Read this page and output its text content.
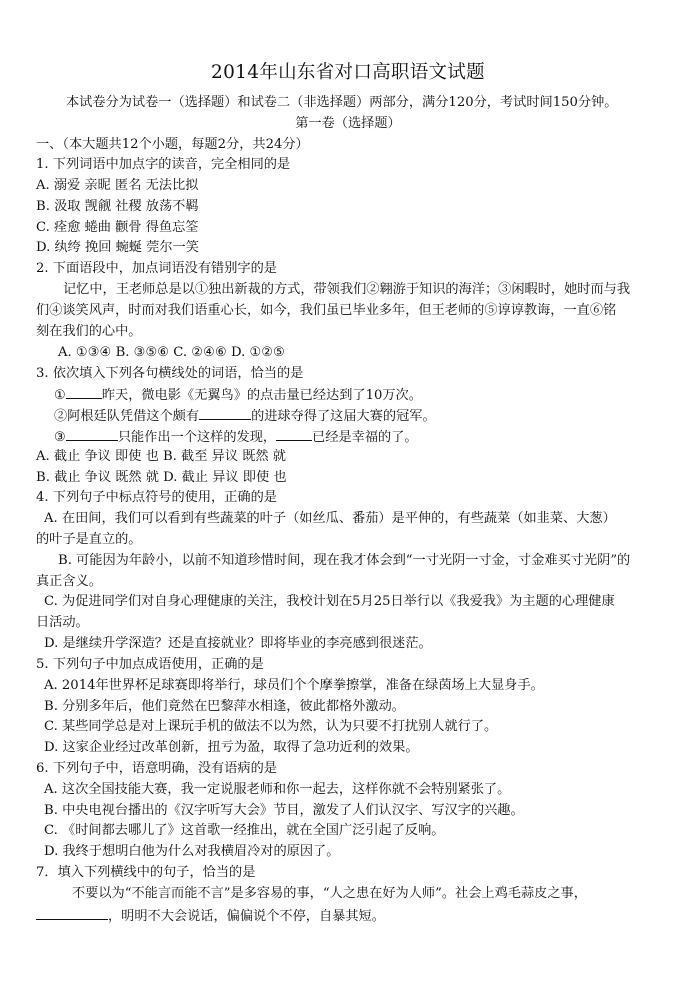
2014年山东省对口高职语文试题
本试卷分为试卷一（选择题）和试卷二（非选择题）两部分，满分120分，考试时间150分钟。
第一卷（选择题）
一、（本大题共12个小题，每题2分，共24分）
1. 下列词语中加点字的读音，完全相同的是
A. 溺爱 亲昵 匿名 无法比拟
B. 汲取 觊觎 社稷 放荡不羁
C. 痊愈 蜷曲 颧骨 得鱼忘筌
D. 纨绔 挽回 蜿蜒 莞尔一笑
2. 下面语段中，加点词语没有错别字的是
记忆中，王老师总是以①独出新裁的方式，带领我们②翱游于知识的海洋；③闲暇时，她时而与我
们④谈笑风声，时而对我们语重心长，如今，我们虽已毕业多年，但王老师的⑤谆谆教诲，一直⑥铭
刻在我们的心中。
A. ①③④ B. ③⑤⑥ C. ②④⑥ D. ①②⑤
3. 依次填入下列各句横线处的词语，恰当的是
①	昨天，微电影《无翼鸟》的点击量已经达到了10万次。
②阿根廷队凭借这个颇有	的进球夺得了这届大赛的冠军。
③	只能作出一个这样的发现，	已经是幸福的了。
A. 截止 争议 即使 也 B. 截至 异议 既然 就
B. 截止 争议 既然 就 D. 截止 异议 即使 也
4. 下列句子中标点符号的使用，正确的是
A. 在田间，我们可以看到有些蔬菜的叶子（如丝瓜、番茄）是平伸的，有些蔬菜（如韭菜、大葱）
的叶子是直立的。
B. 可能因为年龄小，以前不知道珍惜时间，现在我才体会到“一寸光阴一寸金，寸金难买寸光阴”的
真正含义。
C. 为促进同学们对自身心理健康的关注，我校计划在5月25日举行以《我爱我》为主题的心理健康
日活动。
D. 是继续升学深造？还是直接就业？即将毕业的李亮感到很迷茫。
5. 下列句子中加点成语使用，正确的是
A. 2014年世界杯足球赛即将举行，球员们个个摩拳擦掌，准备在绿茵场上大显身手。
B. 分别多年后，他们竟然在巴黎萍水相逢，彼此都格外激动。
C. 某些同学总是对上课玩手机的做法不以为然，认为只要不打扰别人就行了。
D. 这家企业经过改革创新，扭亏为盈，取得了急功近利的效果。
6. 下列句子中，语意明确，没有语病的是
A. 这次全国技能大赛，我一定说服老师和你一起去，这样你就不会特别紧张了。
B. 中央电视台播出的《汉字听写大会》节目，激发了人们认汉字、写汉字的兴趣。
C. 《时间都去哪儿了》这首歌一经推出，就在全国广泛引起了反响。
D. 我终于想明白他为什么对我横眉冷对的原因了。
7．填入下列横线中的句子，恰当的是
不要以为“不能言而能不言”是多容易的事，“人之患在好为人师”。社会上鸡毛蒜皮之事，
，明明不大会说话，偏偏说个不停，自暴其短。
